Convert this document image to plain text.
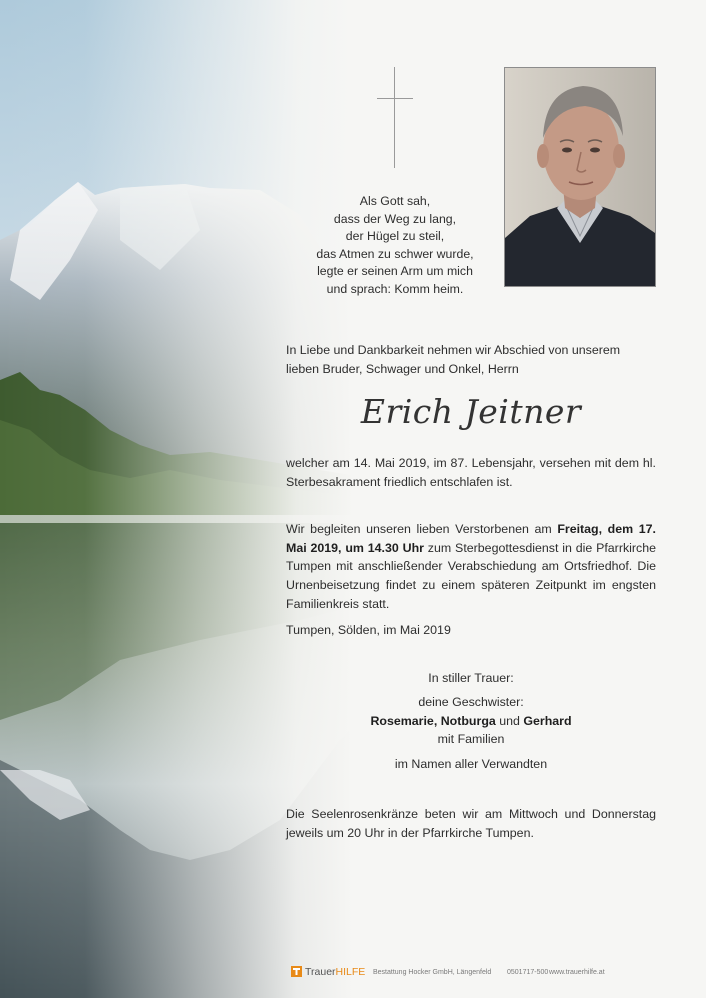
Als Gott sah,
dass der Weg zu lang,
der Hügel zu steil,
das Atmen zu schwer wurde,
legte er seinen Arm um mich
und sprach: Komm heim.
In Liebe und Dankbarkeit nehmen wir Abschied von unserem lieben Bruder, Schwager und Onkel, Herrn
Erich Jeitner
welcher am 14. Mai 2019, im 87. Lebensjahr, versehen mit dem hl. Sterbesakrament friedlich entschlafen ist.
Wir begleiten unseren lieben Verstorbenen am Freitag, dem 17. Mai 2019, um 14.30 Uhr zum Sterbegottesdienst in die Pfarrkirche Tumpen mit anschließender Verabschiedung am Ortsfriedhof. Die Urnenbeisetzung findet zu einem späteren Zeitpunkt im engsten Familienkreis statt.
Tumpen, Sölden, im Mai 2019
In stiller Trauer:
deine Geschwister:
Rosemarie, Notburga und Gerhard
mit Familien
im Namen aller Verwandten
Die Seelenrosenkränze beten wir am Mittwoch und Donnerstag jeweils um 20 Uhr in der Pfarrkirche Tumpen.
TrauerHILFE Bestattung Hocker GmbH, Längenfeld 0501717-500 www.trauerhilfe.at
